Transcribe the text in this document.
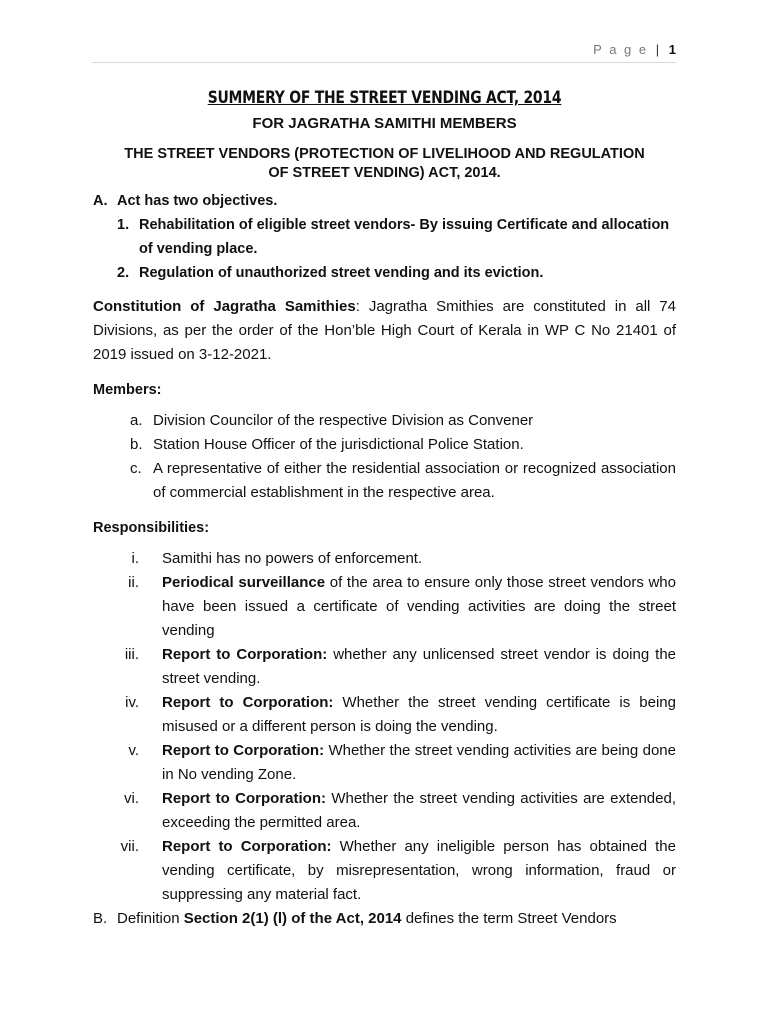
P a g e | 1
SUMMERY OF THE STREET VENDING ACT, 2014
FOR JAGRATHA SAMITHI MEMBERS
THE STREET VENDORS (PROTECTION OF LIVELIHOOD AND REGULATION OF STREET VENDING) ACT, 2014.
A. Act has two objectives.
1. Rehabilitation of eligible street vendors- By issuing Certificate and allocation of vending place.
2. Regulation of unauthorized street vending and its eviction.

Constitution of Jagratha Samithies: Jagratha Smithies are constituted in all 74 Divisions, as per the order of the Hon’ble High Court of Kerala in WP C No 21401 of 2019 issued on 3-12-2021.

Members:
a. Division Councilor of the respective Division as Convener
b. Station House Officer of the jurisdictional Police Station.
c. A representative of either the residential association or recognized association of commercial establishment in the respective area.
Responsibilities:
i. Samithi has no powers of enforcement.
ii. Periodical surveillance of the area to ensure only those street vendors who have been issued a certificate of vending activities are doing the street vending
iii. Report to Corporation: whether any unlicensed street vendor is doing the street vending.
iv. Report to Corporation: Whether the street vending certificate is being misused or a different person is doing the vending.
v. Report to Corporation: Whether the street vending activities are being done in No vending Zone.
vi. Report to Corporation: Whether the street vending activities are extended, exceeding the permitted area.
vii. Report to Corporation: Whether any ineligible person has obtained the vending certificate, by misrepresentation, wrong information, fraud or suppressing any material fact.

B. Definition Section 2(1) (l) of the Act, 2014 defines the term Street Vendors
